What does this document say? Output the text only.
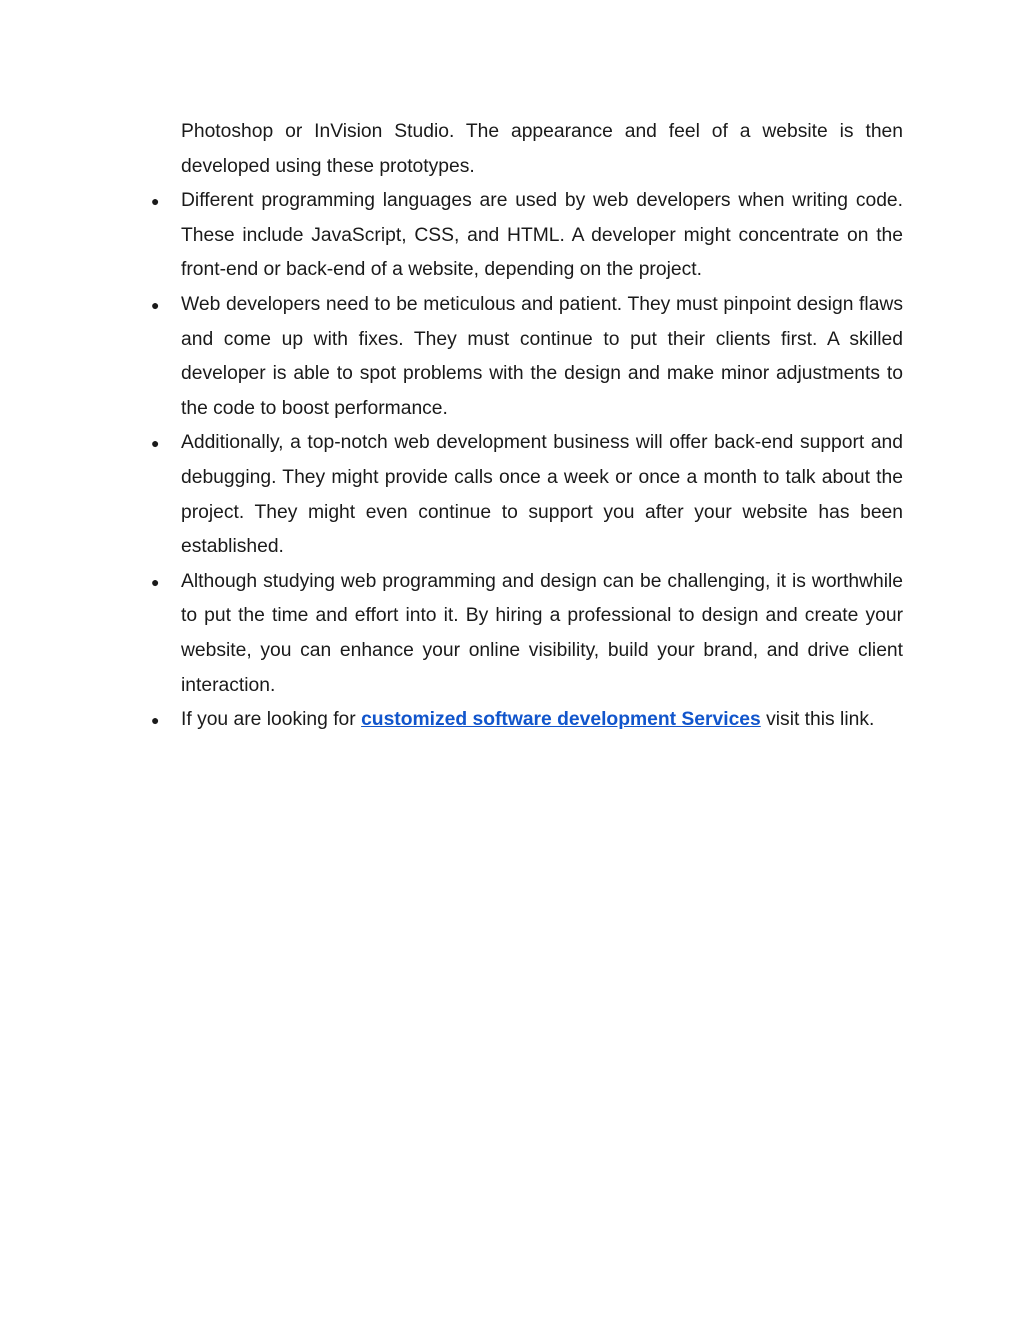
Photoshop or InVision Studio. The appearance and feel of a website is then developed using these prototypes.

● Different programming languages are used by web developers when writing code. These include JavaScript, CSS, and HTML. A developer might concentrate on the front-end or back-end of a website, depending on the project.
● Web developers need to be meticulous and patient. They must pinpoint design flaws and come up with fixes. They must continue to put their clients first. A skilled developer is able to spot problems with the design and make minor adjustments to the code to boost performance.
● Additionally, a top-notch web development business will offer back-end support and debugging. They might provide calls once a week or once a month to talk about the project. They might even continue to support you after your website has been established.
● Although studying web programming and design can be challenging, it is worthwhile to put the time and effort into it. By hiring a professional to design and create your website, you can enhance your online visibility, build your brand, and drive client interaction.
● If you are looking for customized software development Services visit this link.
